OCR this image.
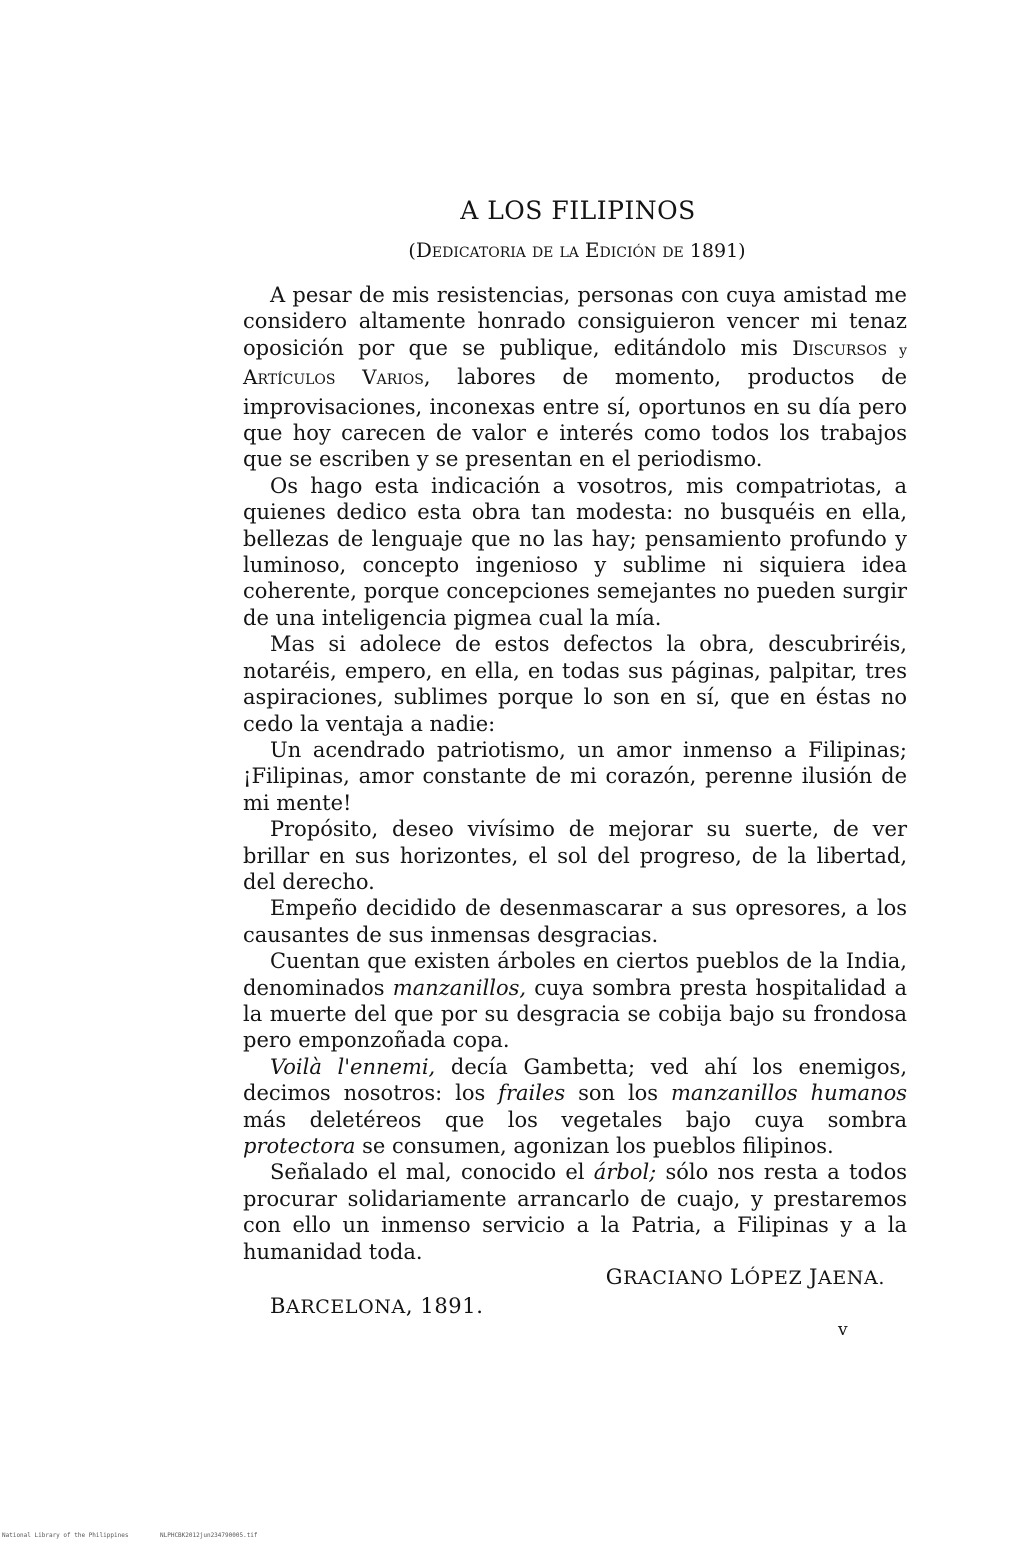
A LOS FILIPINOS
(DEDICATORIA DE LA EDICIÓN DE 1891)

A pesar de mis resistencias, personas con cuya amistad me considero altamente honrado consiguieron vencer mi tenaz oposición por que se publique, editándolo mis DISCURSOS y ARTÍCULOS VARIOS, labores de momento, productos de improvisaciones, inconexas entre sí, oportunos en su día pero que hoy carecen de valor e interés como todos los trabajos que se escriben y se presentan en el periodismo.

Os hago esta indicación a vosotros, mis compatriotas, a quienes dedico esta obra tan modesta: no busquéis en ella, bellezas de lenguaje que no las hay; pensamiento profundo y luminoso, concepto ingenioso y sublime ni siquiera idea coherente, porque concepciones semejantes no pueden surgir de una inteligencia pigmea cual la mía.

Mas si adolece de estos defectos la obra, descubriréis, notaréis, empero, en ella, en todas sus páginas, palpitar, tres aspiraciones, sublimes porque lo son en sí, que en éstas no cedo la ventaja a nadie:

Un acendrado patriotismo, un amor inmenso a Filipinas; ¡Filipinas, amor constante de mi corazón, perenne ilusión de mi mente!

Propósito, deseo vivísimo de mejorar su suerte, de ver brillar en sus horizontes, el sol del progreso, de la libertad, del derecho.

Empeño decidido de desenmascarar a sus opresores, a los causantes de sus inmensas desgracias.

Cuentan que existen árboles en ciertos pueblos de la India, denominados manzanillos, cuya sombra presta hospitalidad a la muerte del que por su desgracia se cobija bajo su frondosa pero emponzoñada copa.

Voilà l'ennemi, decía Gambetta; ved ahí los enemigos, decimos nosotros: los frailes son los manzanillos humanos más deletéreos que los vegetales bajo cuya sombra protectora se consumen, agonizan los pueblos filipinos.

Señalado el mal, conocido el árbol; sólo nos resta a todos procurar solidariamente arrancarlo de cuajo, y prestaremos con ello un inmenso servicio a la Patria, a Filipinas y a la humanidad toda.

GRACIANO LÓPEZ JAENA.
BARCELONA, 1891.
v
National Library of the Philippines	NLPHCBK2012jun234790005.tif
